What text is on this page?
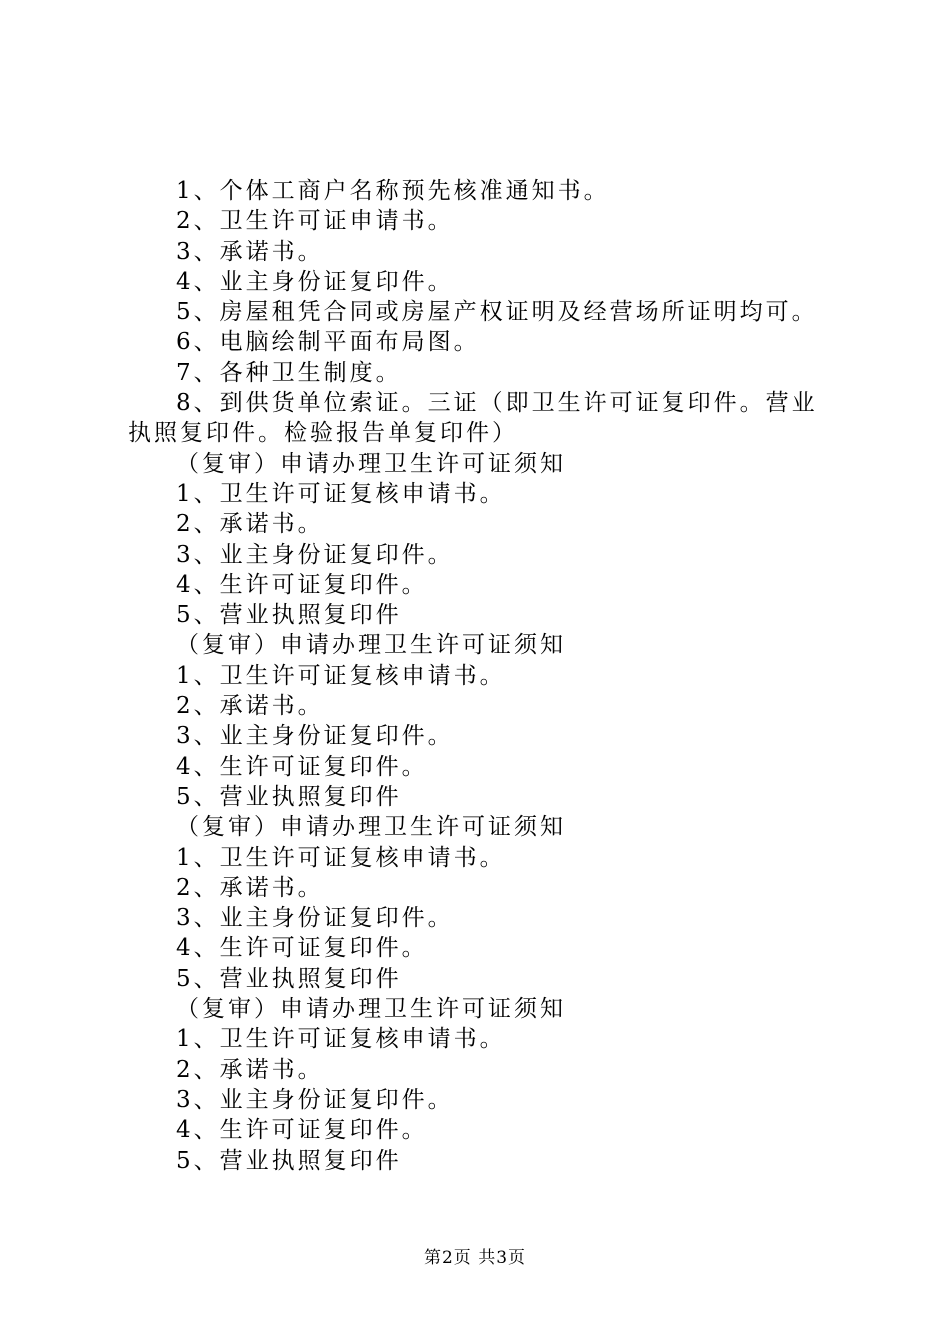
1、个体工商户名称预先核准通知书。
2、卫生许可证申请书。
3、承诺书。
4、业主身份证复印件。
5、房屋租凭合同或房屋产权证明及经营场所证明均可。
6、电脑绘制平面布局图。
7、各种卫生制度。
8、到供货单位索证。三证（即卫生许可证复印件。营业执照复印件。检验报告单复印件）
（复审）申请办理卫生许可证须知
1、卫生许可证复核申请书。
2、承诺书。
3、业主身份证复印件。
4、生许可证复印件。
5、营业执照复印件
（复审）申请办理卫生许可证须知
1、卫生许可证复核申请书。
2、承诺书。
3、业主身份证复印件。
4、生许可证复印件。
5、营业执照复印件
（复审）申请办理卫生许可证须知
1、卫生许可证复核申请书。
2、承诺书。
3、业主身份证复印件。
4、生许可证复印件。
5、营业执照复印件
（复审）申请办理卫生许可证须知
1、卫生许可证复核申请书。
2、承诺书。
3、业主身份证复印件。
4、生许可证复印件。
5、营业执照复印件
第2页 共3页
